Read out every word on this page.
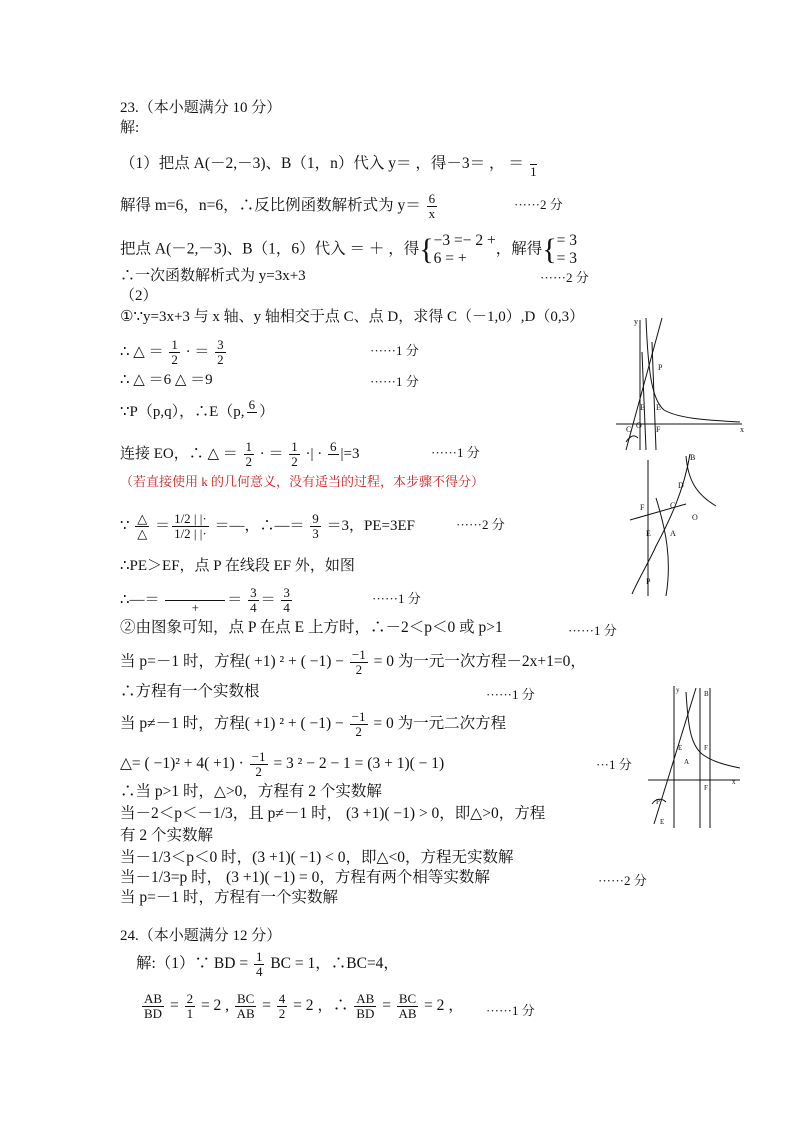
23.（本小题满分 10 分）
解:
（1）把点 A(－2,－3)、B（1，n）代入 y＝ ，得－3＝ ， ＝
1
解得 m=6，n=6，∴反比例函数解析式为 $y= \frac{6}{x}$	······2 分
把点 A(－2,－3)、B（1，6）代入 ＝ ＋ ，得{−3 =− 2 +
6 = +，解得{= 3
= 3
∴一次函数解析式为 y=3x+3	······2 分
（2）
①∵y=3x+3 与 x 轴、y 轴相交于点 C、点 D，求得 C（－1,0）,D（0,3）
∴ △ ＝ $\frac{1}{2}$ · ＝ $\frac{3}{2}$	······1 分
∴ △ ＝6 △ ＝9	······1 分
∵P（p,q），∴E（p, 6
）
连接 EO，∴ △ ＝ $\frac{1}{2}$ · ＝ $\frac{1}{2}$ ·| · 6
|=3	······1 分
（若直接使用 k 的几何意义，没有适当的过程，本步骤不得分）
∵ $\frac{\triangle}{\triangle} = \frac{1/2 | |\cdot}{1/2 | |\cdot}$ ＝—，∴—＝ $\frac{9}{3} =3$，PE=3EF	······2 分
∴PE＞EF，点 P 在线段 EF 外，如图
∴—＝
	+	＝ $\frac{3}{4} = \frac{3}{4}$	······1 分
②由图象可知，点 P 在点 E 上方时，∴－2＜p＜0 或 p>1	······1 分
当 p=－1 时，方程( +1) ² + ( $-1) - \frac{-1}{2} = 0$ 为一元一次方程－2x+1=0，
∴方程有一个实数根	······1 分
当 p≠－1 时，方程( +1) ² + ( $-1) - \frac{-1}{2} = 0$ 为一元二次方程
△= ( $-1)^2 + 4( +1) \cdot \frac{-1}{2} = 3$ ² − 2 − 1 = (3 + 1)( − 1)	···1 分
∴当 p>1 时，△>0，方程有 2 个实数解
当－2＜p＜－1/3，且 p≠－1 时， (3 +1)( −1) > 0，即△>0，方程
有 2 个实数解
当－1/3＜p＜0 时，(3 +1)( −1) < 0，即△<0，方程无实数解
当－1/3=p 时， (3 +1)( −1) = 0，方程有两个相等实数解	······2 分
当 p=－1 时，方程有一个实数解
24.（本小题满分 12 分）
解:（1）∵ BD = $\frac{1}{4}$ BC = 1，∴BC=4，
$\frac{AB}{BD} = \frac{2}{1} = 2$ , $\frac{BC}{AB} = \frac{4}{2} = 2$ ，∴ $\frac{AB}{BD} = \frac{BC}{AB} = 2$ ， ······1 分
y
P
E E
O
C	F	x
B
D
F	C
O
E A
P
y	B
E	F
F
A
x
P
E
